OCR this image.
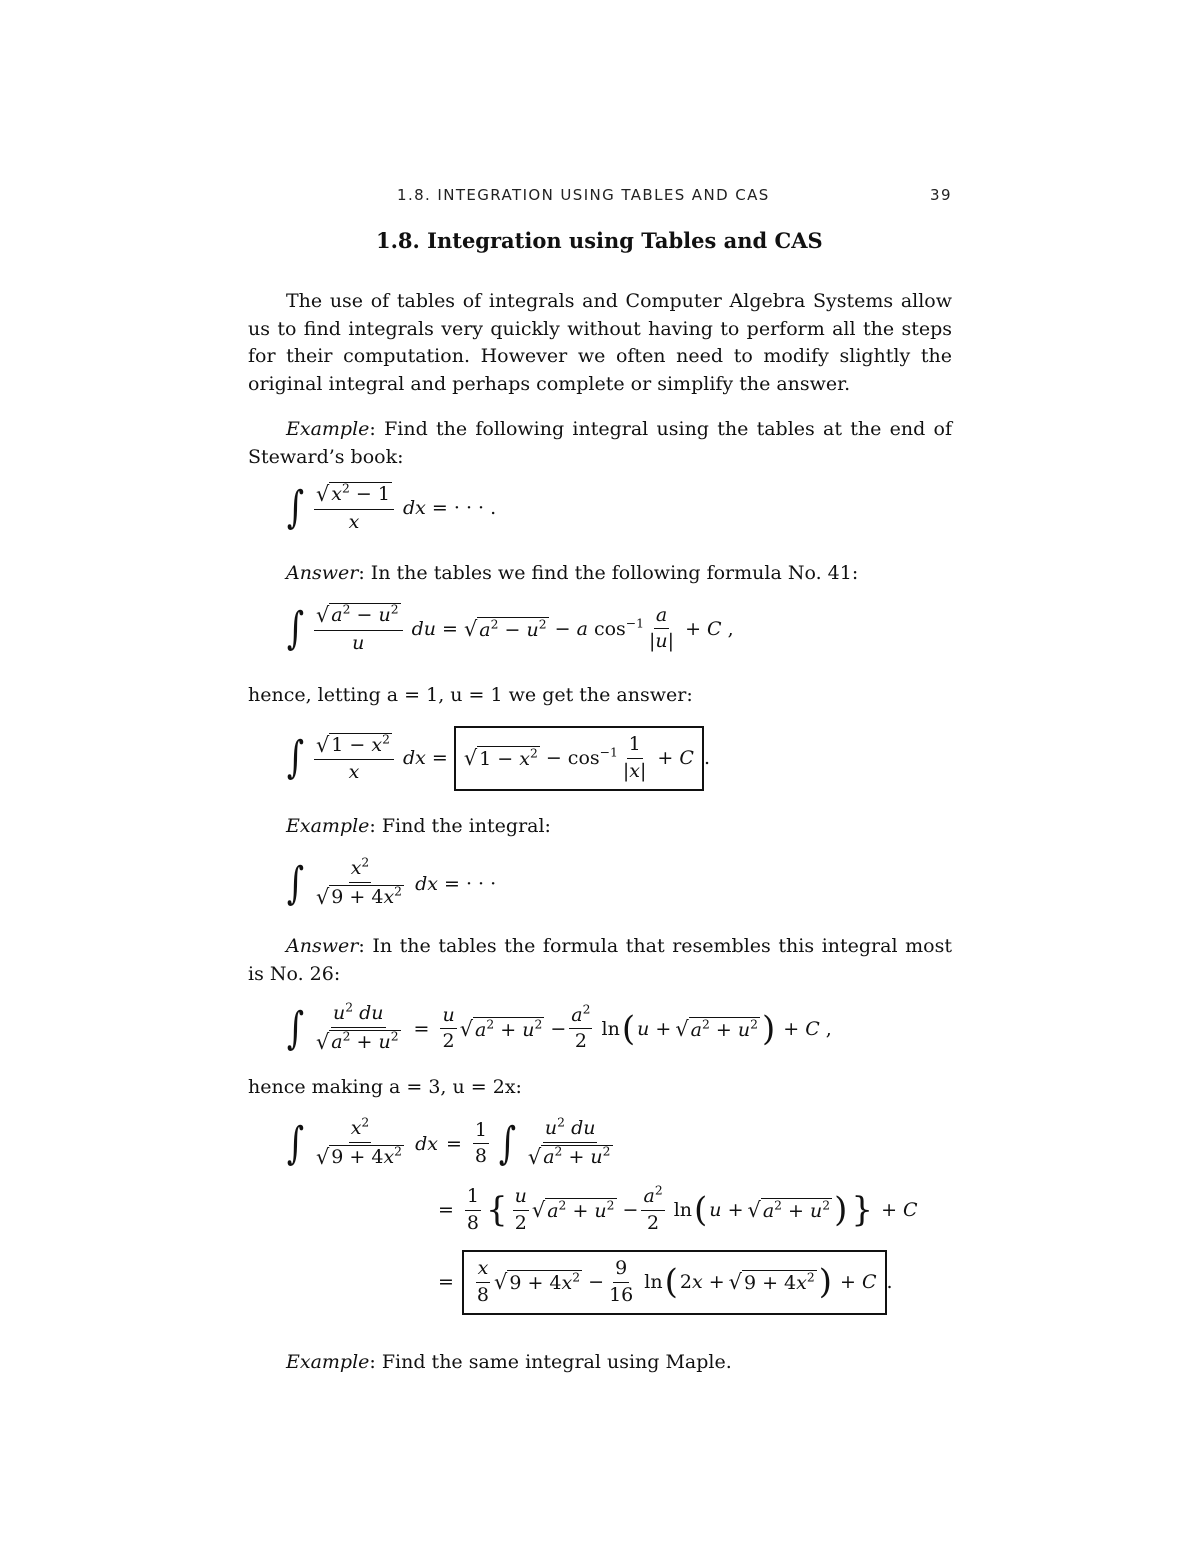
1.8. INTEGRATION USING TABLES AND CAS	39
1.8. Integration using Tables and CAS

The use of tables of integrals and Computer Algebra Systems allow us to find integrals very quickly without having to perform all the steps for their computation. However we often need to modify slightly the original integral and perhaps complete or simplify the answer.

Example: Find the following integral using the tables at the end of Steward’s book:

∫ $\frac{√ x^2 - 1}{x}$ dx = · · · .

Answer: In the tables we find the following formula No. 41:

∫ $\frac{√ a^2 - u^2}{u}$ du = √ $a^2 - u^2 - a$ $\cos^{-1} \frac{a}{|u|} + C$ ,
hence, letting a = 1, u = 1 we get the answer:
∫ $\frac{√ 1 - x^2}{x}$ dx = √ $1 - x^2 - \cos^{-1} \frac{1}{|x|} + C$ .

Example: Find the integral:

∫ $\frac{x^2}{√ 9 + 4x^2}$ dx = · · ·

Answer: In the tables the formula that resembles this integral most is No. 26:

∫ $\frac{u^2 du}{√ a^2 + u^2} = \frac{u}{2}$ √ $a^2 + u^2 - \frac{a^2}{2}$ ln ( u + √ $a^2 + u^2$ ) + C ,
hence making a = 3, u = 2x:
∫ $\frac{x^2}{√ 9 + 4x^2}$ dx = $\frac{1}{8}$ ∫ $\frac{u^2 du}{√ a^2 + u^2}$
= $\frac{1}{8}$ { $\frac{u}{2}$ √ $a^2 + u^2 - \frac{a^2}{2}$ ln ( u + √ $a^2 + u^2$ ) } + C
= $\frac{x}{8}$ √ $9 + 4x^2 - \frac{9}{16}$ ln ( 2x + √ $9 + 4x^2$ ) + C .

Example: Find the same integral using Maple.
